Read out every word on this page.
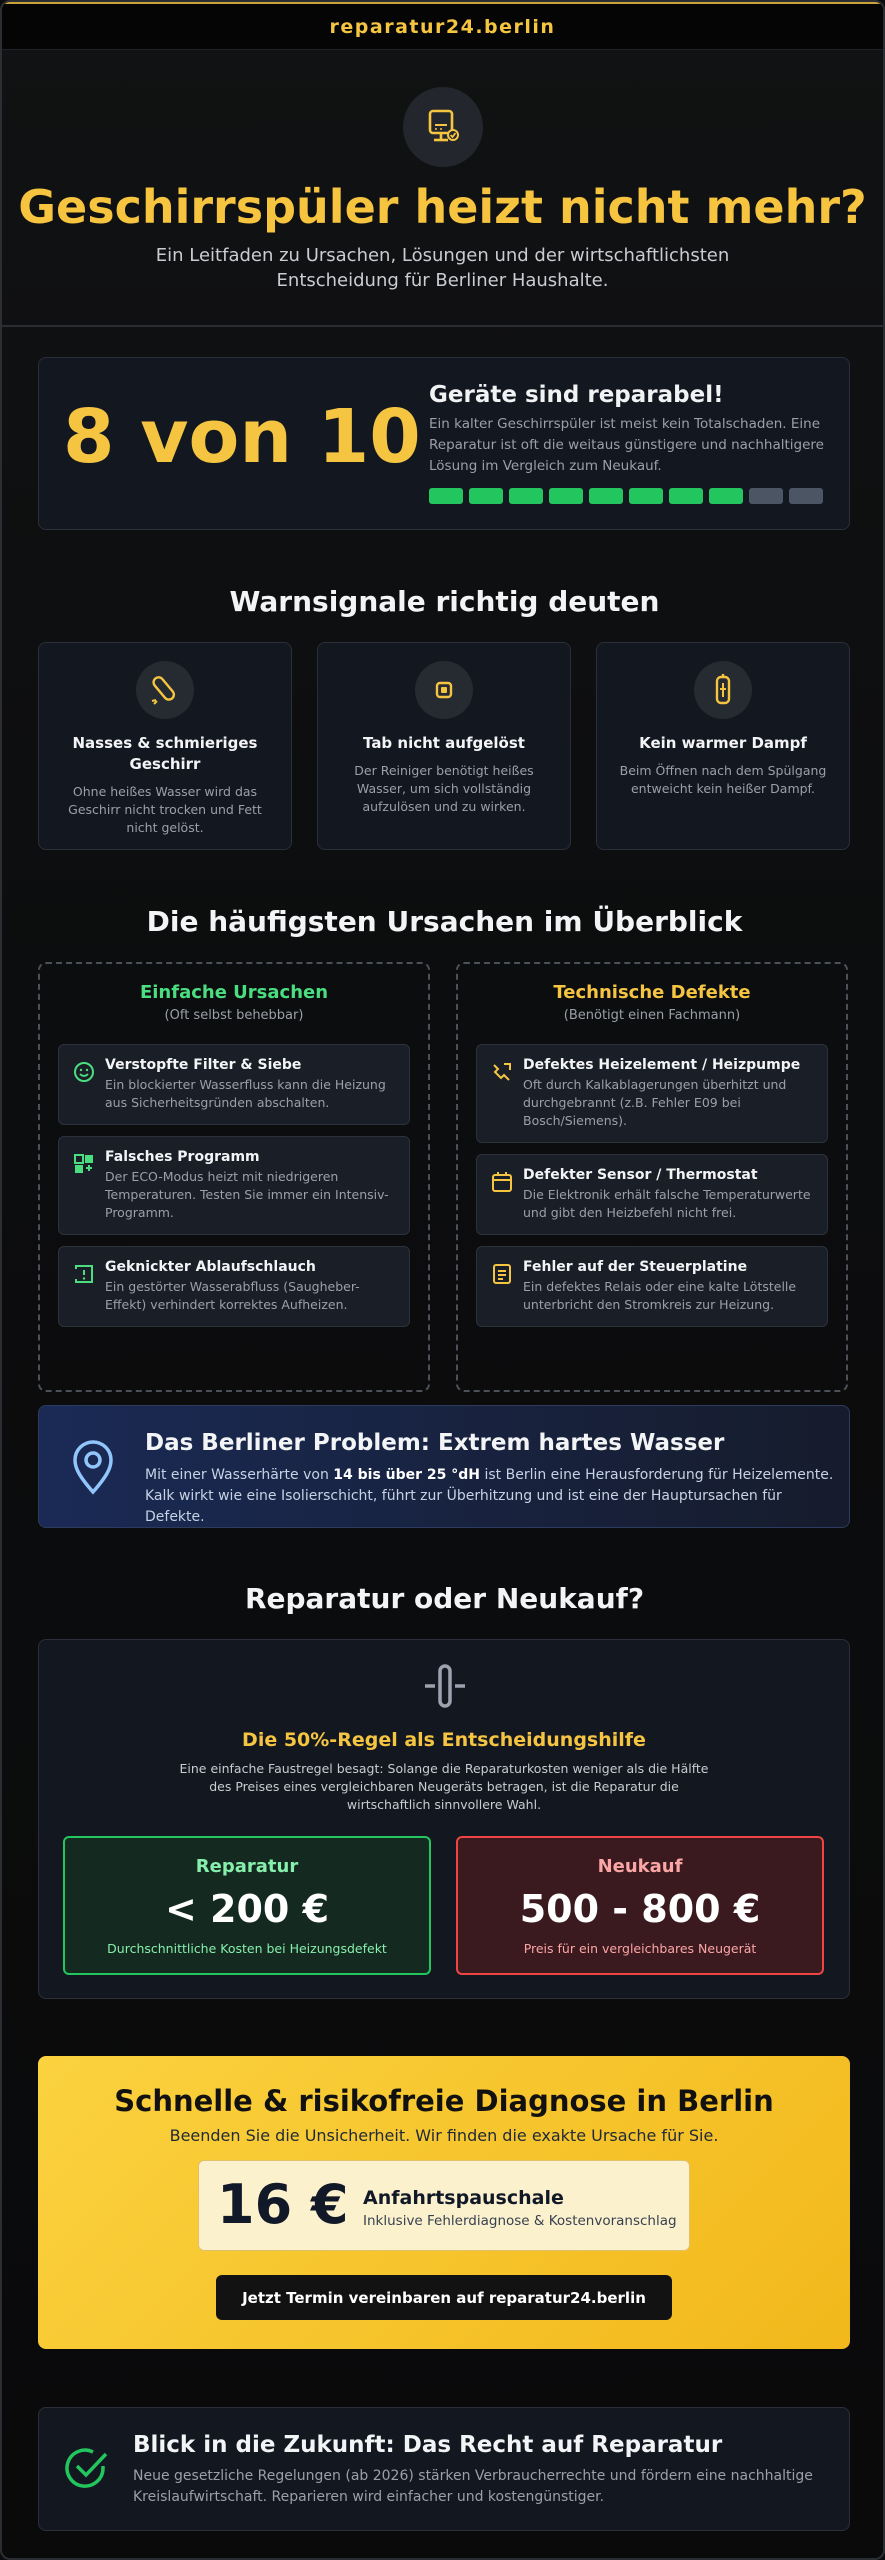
reparatur24.berlin
Geschirrspüler heizt nicht mehr?

Ein Leitfaden zu Ursachen, Lösungen und der wirtschaftlichsten Entscheidung für Berliner Haushalte.

8 von 10 Geräte sind reparabel!

Ein kalter Geschirrspüler ist meist kein Totalschaden. Eine Reparatur ist oft die weitaus günstigere und nachhaltigere Lösung im Vergleich zum Neukauf.

Warnsignale richtig deuten
Nasses & schmieriges Geschirr

Ohne heißes Wasser wird das Geschirr nicht trocken und Fett nicht gelöst.

Tab nicht aufgelöst

Der Reiniger benötigt heißes Wasser, um sich vollständig aufzulösen und zu wirken.

Kein warmer Dampf

Beim Öffnen nach dem Spülgang entweicht kein heißer Dampf.

Die häufigsten Ursachen im Überblick
Einfache Ursachen
(Oft selbst behebbar)
Verstopfte Filter & Siebe

Ein blockierter Wasserfluss kann die Heizung aus Sicherheitsgründen abschalten.

Falsches Programm

Der ECO-Modus heizt mit niedrigeren Temperaturen. Testen Sie immer ein Intensiv-Programm.

Geknickter Ablaufschlauch

Ein gestörter Wasserabfluss (Saugheber-Effekt) verhindert korrektes Aufheizen.

Technische Defekte
(Benötigt einen Fachmann)
Defektes Heizelement / Heizpumpe

Oft durch Kalkablagerungen überhitzt und durchgebrannt (z.B. Fehler E09 bei Bosch/Siemens).

Defekter Sensor / Thermostat

Die Elektronik erhält falsche Temperaturwerte und gibt den Heizbefehl nicht frei.

Fehler auf der Steuerplatine

Ein defektes Relais oder eine kalte Lötstelle unterbricht den Stromkreis zur Heizung.

Das Berliner Problem: Extrem hartes Wasser

Mit einer Wasserhärte von 14 bis über 25 °dH ist Berlin eine Herausforderung für Heizelemente. Kalk wirkt wie eine Isolierschicht, führt zur Überhitzung und ist eine der Hauptursachen für Defekte.

Reparatur oder Neukauf?
Die 50%-Regel als Entscheidungshilfe

Eine einfache Faustregel besagt: Solange die Reparaturkosten weniger als die Hälfte des Preises eines vergleichbaren Neugeräts betragen, ist die Reparatur die wirtschaftlich sinnvollere Wahl.

Reparatur
< 200 €
Durchschnittliche Kosten bei Heizungsdefekt
Neukauf
500 - 800 €
Preis für ein vergleichbares Neugerät
Schnelle & risikofreie Diagnose in Berlin
Beenden Sie die Unsicherheit. Wir finden die exakte Ursache für Sie.
16 € Anfahrtspauschale
Inklusive Fehlerdiagnose & Kostenvoranschlag
Jetzt Termin vereinbaren auf reparatur24.berlin
Blick in die Zukunft: Das Recht auf Reparatur

Neue gesetzliche Regelungen (ab 2026) stärken Verbraucherrechte und fördern eine nachhaltige Kreislaufwirtschaft. Reparieren wird einfacher und kostengünstiger.
